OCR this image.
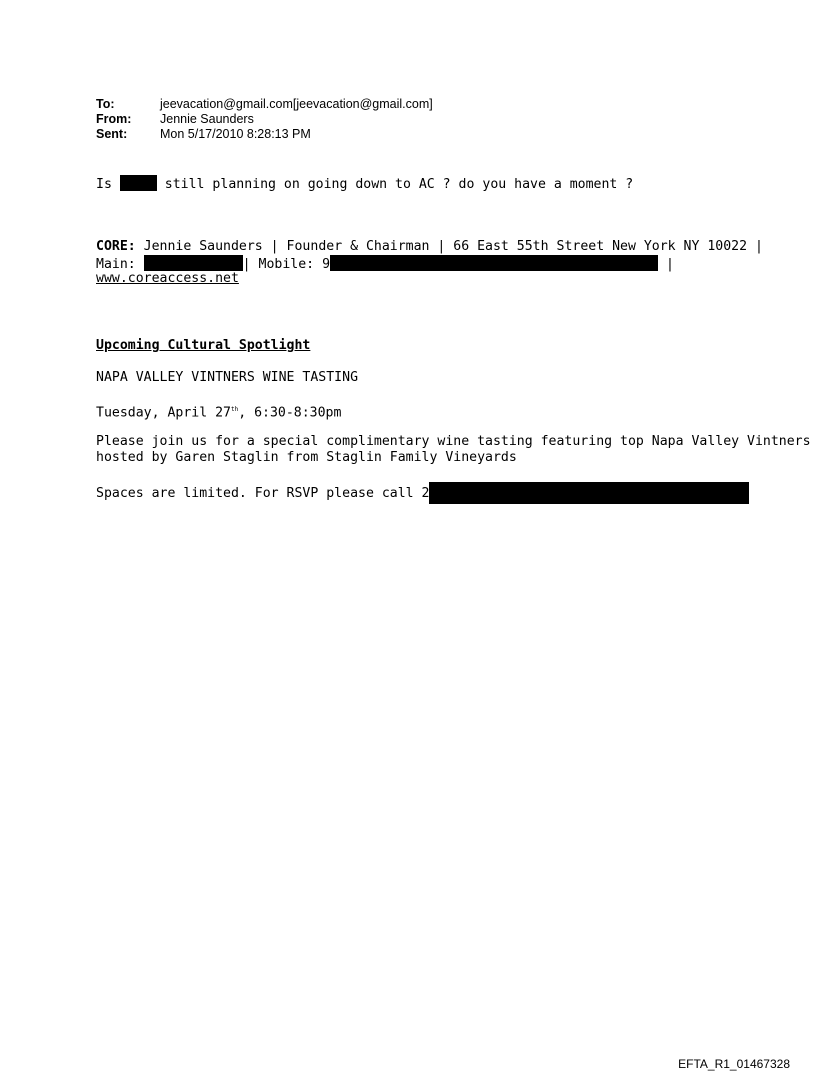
To:	jeevacation@gmail.com[jeevacation@gmail.com]
From: Jennie Saunders
Sent:	Mon 5/17/2010 8:28:13 PM
Is	still planning on going down to AC ? do you have a moment ?
CORE: Jennie Saunders | Founder & Chairman | 66 East 55th Street New York NY 10022 |
Main:	| Mobile: 9	|
www.coreaccess.net
Upcoming Cultural Spotlight
NAPA VALLEY VINTNERS WINE TASTING
Tuesday, April 27th, 6:30-8:30pm
Please join us for a special complimentary wine tasting featuring top Napa Valley Vintners
hosted by Garen Staglin from Staglin Family Vineyards
Spaces are limited. For RSVP please call 2
EFTA_R1_01467328
